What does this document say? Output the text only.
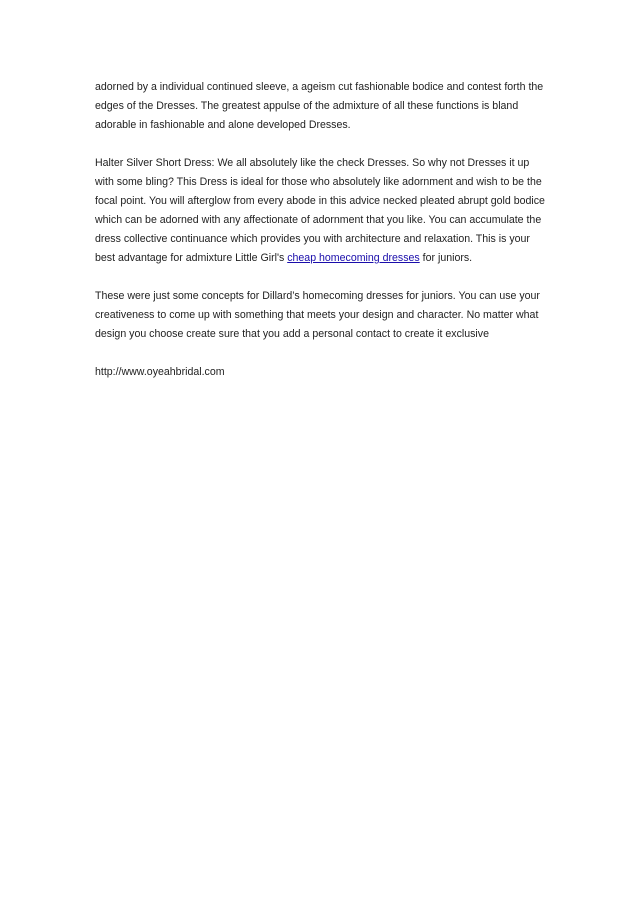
adorned by a individual continued sleeve, a ageism cut fashionable bodice and contest forth the edges of the Dresses. The greatest appulse of the admixture of all these functions is bland adorable in fashionable and alone developed Dresses.

Halter Silver Short Dress: We all absolutely like the check Dresses. So why not Dresses it up with some bling? This Dress is ideal for those who absolutely like adornment and wish to be the focal point. You will afterglow from every abode in this advice necked pleated abrupt gold bodice which can be adorned with any affectionate of adornment that you like. You can accumulate the dress collective continuance which provides you with architecture and relaxation. This is your best advantage for admixture Little Girl's cheap homecoming dresses for juniors.

These were just some concepts for Dillard’s homecoming dresses for juniors. You can use your creativeness to come up with something that meets your design and character. No matter what design you choose create sure that you add a personal contact to create it exclusive

http://www.oyeahbridal.com
